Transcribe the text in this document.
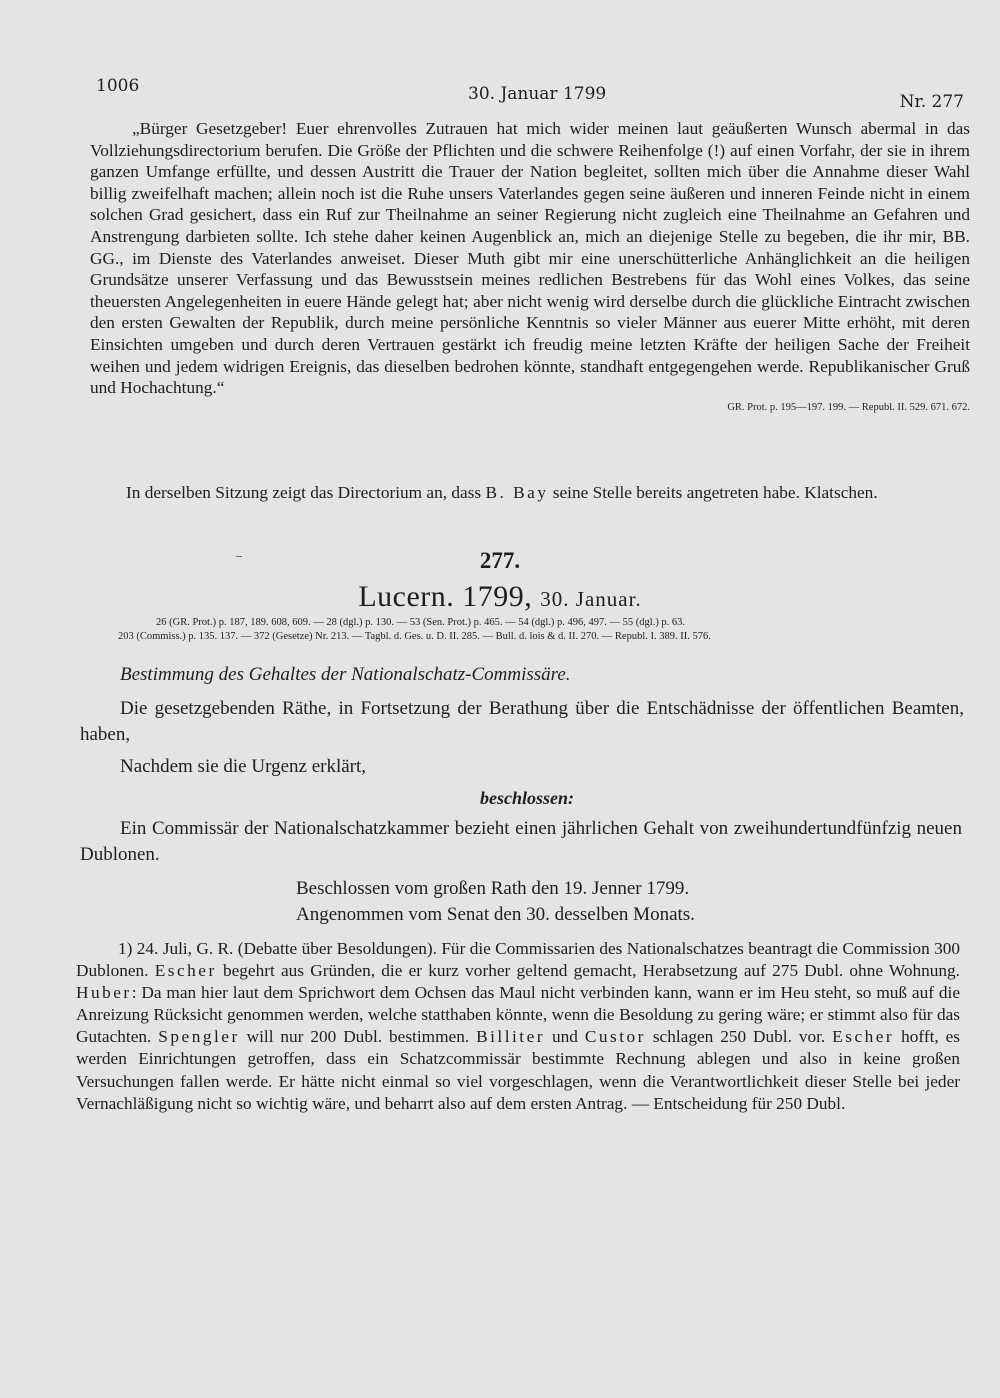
1006	30. Januar 1799	Nr. 277
„Bürger Gesetzgeber! Euer ehrenvolles Zutrauen hat mich wider meinen laut geäußerten Wunsch abermal in das Vollziehungsdirectorium berufen. Die Größe der Pflichten und die schwere Reihenfolge (!) auf einen Vorfahr, der sie in ihrem ganzen Umfange erfüllte, und dessen Austritt die Trauer der Nation begleitet, sollten mich über die Annahme dieser Wahl billig zweifelhaft machen; allein noch ist die Ruhe unsers Vaterlandes gegen seine äußeren und inneren Feinde nicht in einem solchen Grad gesichert, dass ein Ruf zur Theilnahme an seiner Regierung nicht zugleich eine Theilnahme an Gefahren und Anstrengung darbieten sollte. Ich stehe daher keinen Augenblick an, mich an diejenige Stelle zu begeben, die ihr mir, BB. GG., im Dienste des Vaterlandes anweiset. Dieser Muth gibt mir eine unerschütterliche Anhänglichkeit an die heiligen Grundsätze unserer Verfassung und das Bewusstsein meines redlichen Bestrebens für das Wohl eines Volkes, das seine theuersten Angelegenheiten in euere Hände gelegt hat; aber nicht wenig wird derselbe durch die glückliche Eintracht zwischen den ersten Gewalten der Republik, durch meine persönliche Kenntnis so vieler Männer aus euerer Mitte erhöht, mit deren Einsichten umgeben und durch deren Vertrauen gestärkt ich freudig meine letzten Kräfte der heiligen Sache der Freiheit weihen und jedem widrigen Ereignis, das dieselben bedrohen könnte, standhaft entgegengehen werde. Republikanischer Gruß und Hochachtung.“
GR. Prot. p. 195—197. 199. — Republ. II. 529. 671. 672.
In derselben Sitzung zeigt das Directorium an, dass B. Bay seine Stelle bereits angetreten habe. Klatschen.
–	277.
Lucern. 1799, 30. Januar.
26 (GR. Prot.) p. 187, 189. 608, 609. — 28 (dgl.) p. 130. — 53 (Sen. Prot.) p. 465. — 54 (dgl.) p. 496, 497. — 55 (dgl.) p. 63.
203 (Commiss.) p. 135. 137. — 372 (Gesetze) Nr. 213. — Tagbl. d. Ges. u. D. II. 285. — Bull. d. lois & d. II. 270. — Republ. I. 389. II. 576.
Bestimmung des Gehaltes der Nationalschatz-Commissäre.
Die gesetzgebenden Räthe, in Fortsetzung der Berathung über die Entschädnisse der öffentlichen Beamten, haben,
Nachdem sie die Urgenz erklärt,
beschlossen:
Ein Commissär der Nationalschatzkammer bezieht einen jährlichen Gehalt von zweihundertundfünfzig neuen Dublonen.
Beschlossen vom großen Rath den 19. Jenner 1799.
Angenommen vom Senat den 30. desselben Monats.
1) 24. Juli, G. R. (Debatte über Besoldungen). Für die Commissarien des Nationalschatzes beantragt die Commission 300 Dublonen. Escher begehrt aus Gründen, die er kurz vorher geltend gemacht, Herabsetzung auf 275 Dubl. ohne Wohnung. Huber: Da man hier laut dem Sprichwort dem Ochsen das Maul nicht verbinden kann, wann er im Heu steht, so muß auf die Anreizung Rücksicht genommen werden, welche statthaben könnte, wenn die Besoldung zu gering wäre; er stimmt also für das Gutachten. Spengler will nur 200 Dubl. bestimmen. Billiter und Custor schlagen 250 Dubl. vor. Escher hofft, es werden Einrichtungen getroffen, dass ein Schatzcommissär bestimmte Rechnung ablegen und also in keine großen Versuchungen fallen werde. Er hätte nicht einmal so viel vorgeschlagen, wenn die Verantwortlichkeit dieser Stelle bei jeder Vernachläßigung nicht so wichtig wäre, und beharrt also auf dem ersten Antrag. — Entscheidung für 250 Dubl.
